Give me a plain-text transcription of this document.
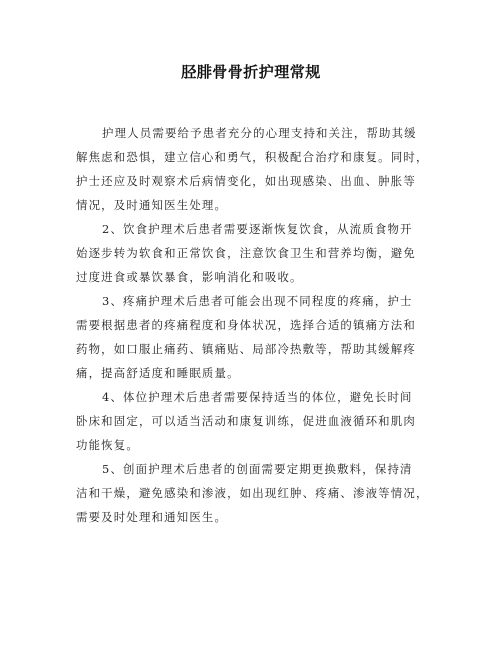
胫腓骨骨折护理常规
护理人员需要给予患者充分的心理支持和关注，帮助其缓
解焦虑和恐惧，建立信心和勇气，积极配合治疗和康复。同时，
护士还应及时观察术后病情变化，如出现感染、出血、肿胀等
情况，及时通知医生处理。
2、饮食护理术后患者需要逐渐恢复饮食，从流质食物开
始逐步转为软食和正常饮食，注意饮食卫生和营养均衡，避免
过度进食或暴饮暴食，影响消化和吸收。
3、疼痛护理术后患者可能会出现不同程度的疼痛，护士
需要根据患者的疼痛程度和身体状况，选择合适的镇痛方法和
药物，如口服止痛药、镇痛贴、局部冷热敷等，帮助其缓解疼
痛，提高舒适度和睡眠质量。
4、体位护理术后患者需要保持适当的体位，避免长时间
卧床和固定，可以适当活动和康复训练，促进血液循环和肌肉
功能恢复。
5、创面护理术后患者的创面需要定期更换敷料，保持清
洁和干燥，避免感染和渗液，如出现红肿、疼痛、渗液等情况，
需要及时处理和通知医生。
